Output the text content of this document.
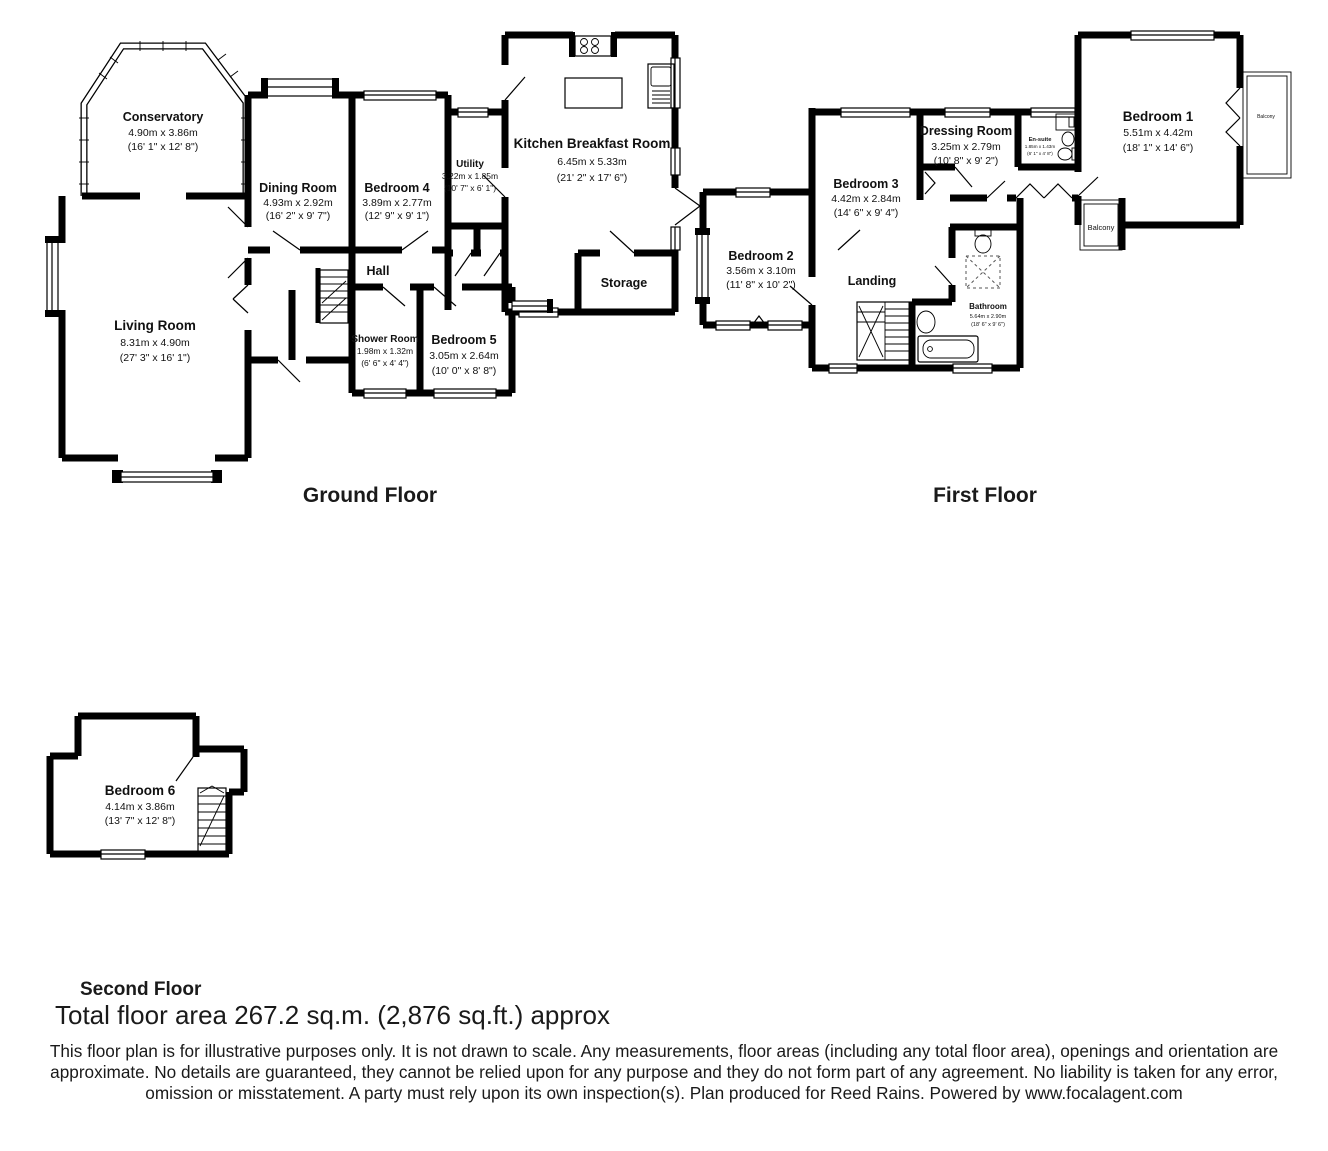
Conservatory
4.90m x 3.86m
(16' 1" x 12' 8")
Dining Room
4.93m x 2.92m
(16' 2" x 9' 7")
Bedroom 4
3.89m x 2.77m
(12' 9" x 9' 1")
Utility
3.22m x 1.85m
(10' 7" x 6' 1")
Kitchen Breakfast Room
6.45m x 5.33m
(21' 2" x 17' 6")
Storage
Hall
Living Room
8.31m x 4.90m
(27' 3" x 16' 1")
Shower Room
1.98m x 1.32m
(6' 6" x 4' 4")
Bedroom 5
3.05m x 2.64m
(10' 0" x 8' 8")
Balcony
Balcony
Bedroom 1
5.51m x 4.42m
(18' 1" x 14' 6")
Dressing Room
3.25m x 2.79m
(10' 8" x 9' 2")
En-suite
1.85m x 1.43m
(6' 1" x 4' 8")
Bedroom 3
4.42m x 2.84m
(14' 6" x 9' 4")
Bedroom 2
3.56m x 3.10m
(11' 8" x 10' 2")	Landing
Bathroom
5.64m x 2.90m
(18' 6" x 9' 6")
Bedroom 6
4.14m x 3.86m
(13' 7" x 12' 8")
Ground Floor	First Floor
Second Floor
Total floor area 267.2 sq.m. (2,876 sq.ft.) approx
This floor plan is for illustrative purposes only. It is not drawn to scale. Any measurements, floor areas (including any total floor area), openings and orientation are approximate. No details are guaranteed, they cannot be relied upon for any purpose and they do not form part of any agreement. No liability is taken for any error, omission or misstatement. A party must rely upon its own inspection(s). Plan produced for Reed Rains. Powered by www.focalagent.com
